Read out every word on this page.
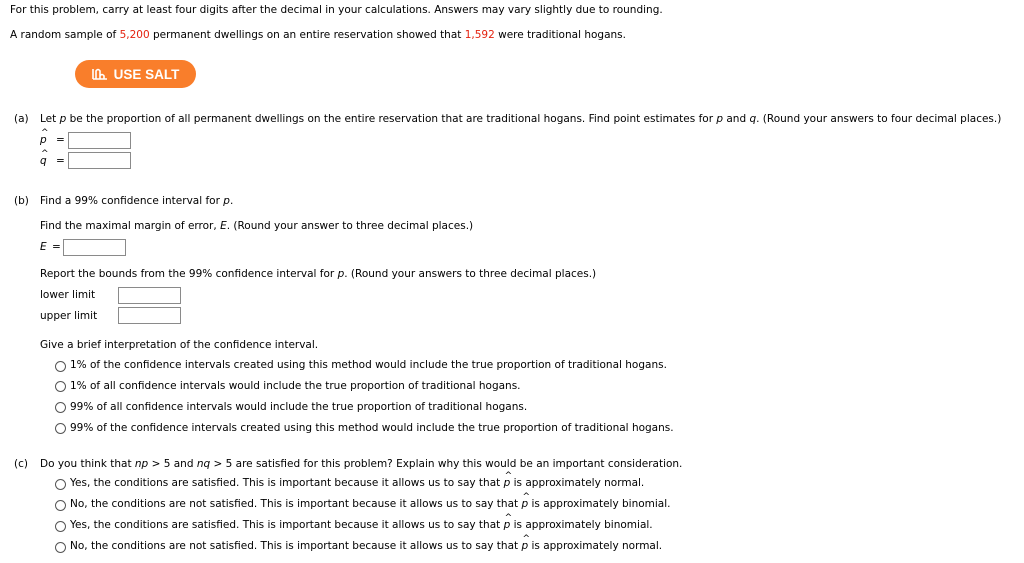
For this problem, carry at least four digits after the decimal in your calculations. Answers may vary slightly due to rounding.
A random sample of 5,200 permanent dwellings on an entire reservation showed that 1,592 were traditional hogans.
USE SALT
(a) Let p be the proportion of all permanent dwellings on the entire reservation that are traditional hogans. Find point estimates for p and q. (Round your answers to four decimal places.)
^ p =
^ q =
(b) Find a 99% confidence interval for p.
Find the maximal margin of error, E. (Round your answer to three decimal places.)
E =
Report the bounds from the 99% confidence interval for p. (Round your answers to three decimal places.)
lower limit
upper limit
Give a brief interpretation of the confidence interval.
1% of the confidence intervals created using this method would include the true proportion of traditional hogans.
1% of all confidence intervals would include the true proportion of traditional hogans.
99% of all confidence intervals would include the true proportion of traditional hogans.
99% of the confidence intervals created using this method would include the true proportion of traditional hogans.
(c) Do you think that np > 5 and nq > 5 are satisfied for this problem? Explain why this would be an important consideration.
Yes, the conditions are satisfied. This is important because it allows us to say that ^ p is approximately normal.
No, the conditions are not satisfied. This is important because it allows us to say that ^ p is approximately binomial.
Yes, the conditions are satisfied. This is important because it allows us to say that ^ p is approximately binomial.
No, the conditions are not satisfied. This is important because it allows us to say that ^ p is approximately normal.
